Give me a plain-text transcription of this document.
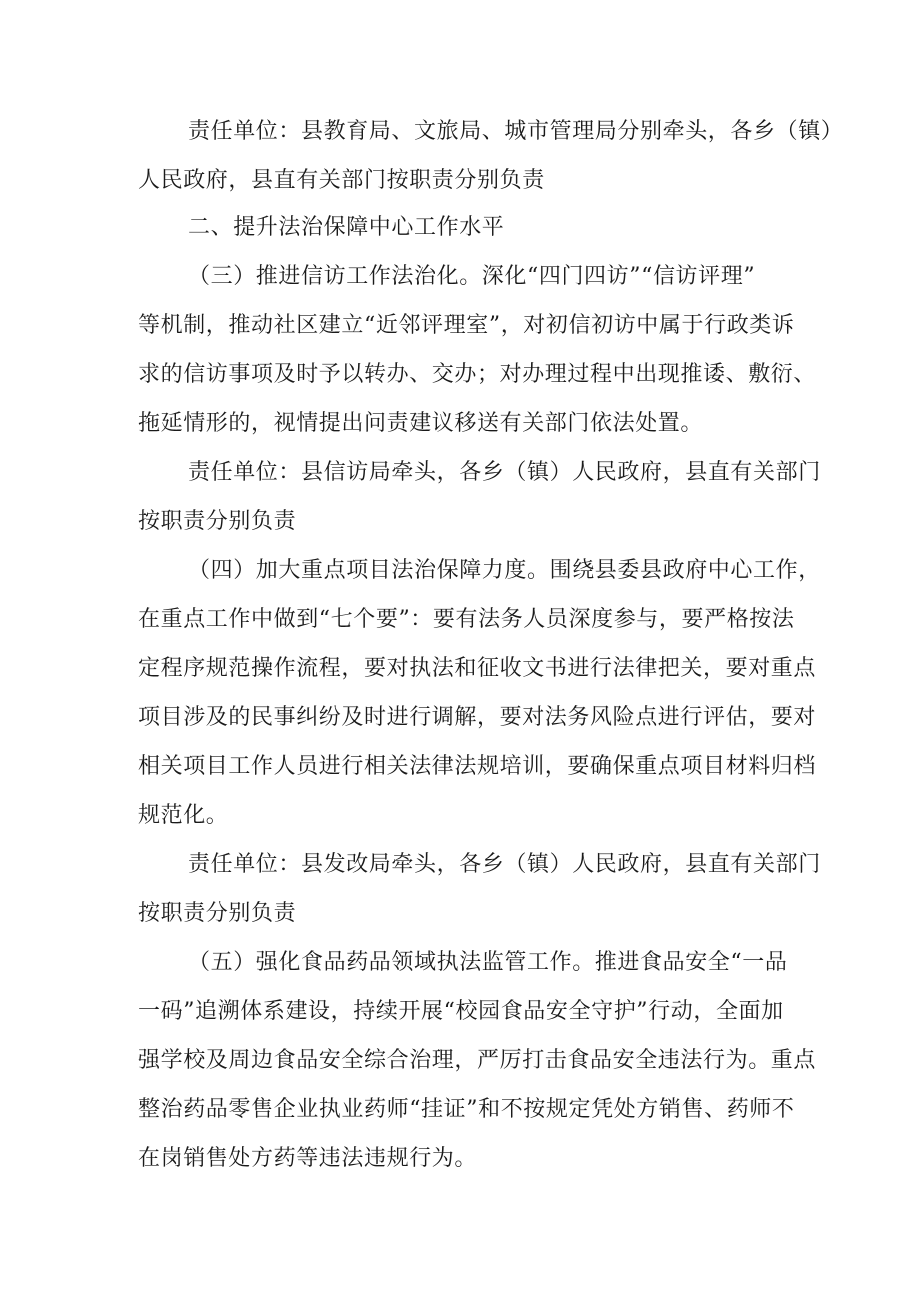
责任单位：县教育局、文旅局、城市管理局分别牵头，各乡（镇）
人民政府，县直有关部门按职责分别负责
二、提升法治保障中心工作水平
（三）推进信访工作法治化。深化“四门四访”“信访评理”
等机制，推动社区建立“近邻评理室”，对初信初访中属于行政类诉
求的信访事项及时予以转办、交办；对办理过程中出现推诿、敷衍、
拖延情形的，视情提出问责建议移送有关部门依法处置。
责任单位：县信访局牵头，各乡（镇）人民政府，县直有关部门
按职责分别负责
（四）加大重点项目法治保障力度。围绕县委县政府中心工作，
在重点工作中做到“七个要”：要有法务人员深度参与，要严格按法
定程序规范操作流程，要对执法和征收文书进行法律把关，要对重点
项目涉及的民事纠纷及时进行调解，要对法务风险点进行评估，要对
相关项目工作人员进行相关法律法规培训，要确保重点项目材料归档
规范化。
责任单位：县发改局牵头，各乡（镇）人民政府，县直有关部门
按职责分别负责
（五）强化食品药品领域执法监管工作。推进食品安全“一品
一码”追溯体系建设，持续开展“校园食品安全守护”行动，全面加
强学校及周边食品安全综合治理，严厉打击食品安全违法行为。重点
整治药品零售企业执业药师“挂证”和不按规定凭处方销售、药师不
在岗销售处方药等违法违规行为。
